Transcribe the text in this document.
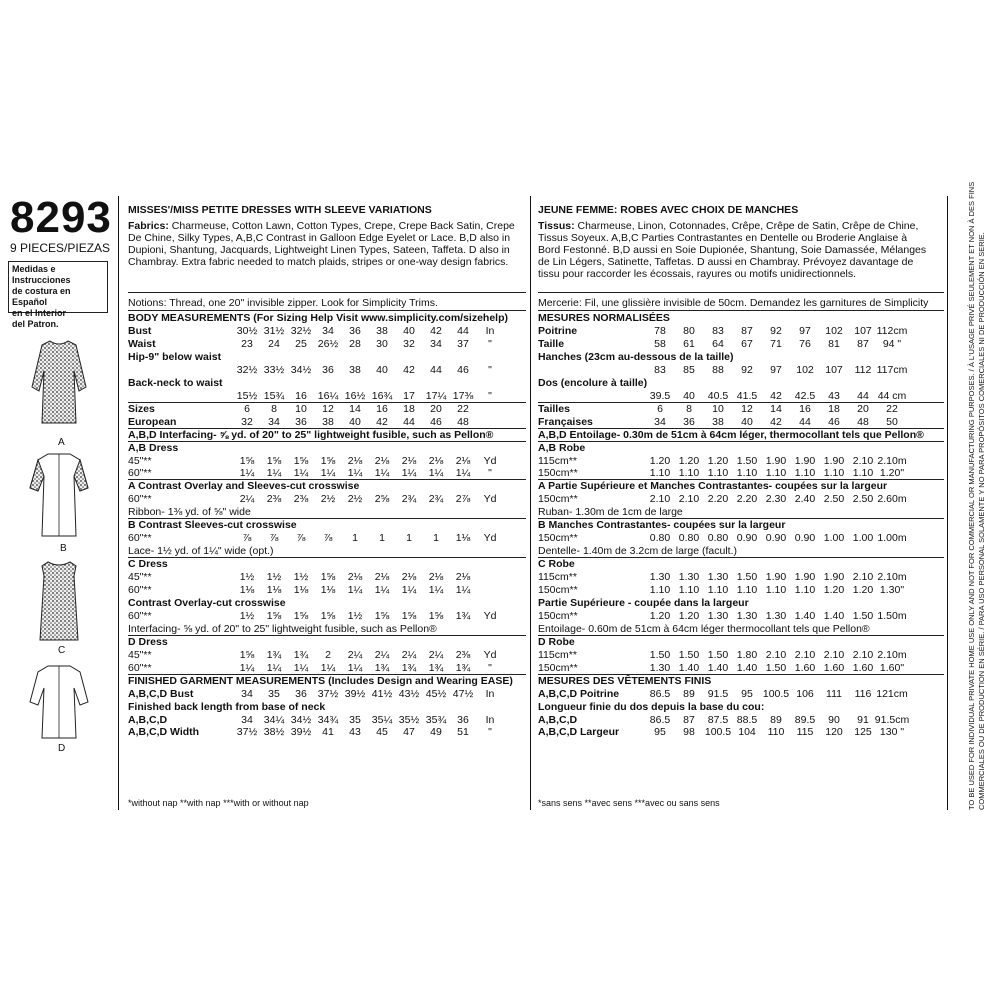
8293
9 PIECES/PIEZAS
Medidas e Instrucciones
de costura en Español
en el Interior
del Patron.
A
B
C
D
MISSES'/MISS PETITE DRESSES WITH SLEEVE VARIATIONS
Fabrics: Charmeuse, Cotton Lawn, Cotton Types, Crepe, Crepe Back Satin, Crepe
De Chine, Silky Types, A,B,C Contrast in Galloon Edge Eyelet or Lace. B,D also in
Dupioni, Shantung, Jacquards, Lightweight Linen Types, Sateen, Taffeta. D also in
Chambray. Extra fabric needed to match plaids, stripes or one-way design fabrics.
Notions: Thread, one 20" invisible zipper. Look for Simplicity Trims.
BODY MEASUREMENTS (For Sizing Help Visit www.simplicity.com/sizehelp)
Bust	30½ 31½ 32½	34	36	38	40	42	44	In
Waist	23	24	25	26½	28	30	32	34	37	"
Hip-9" below waist
32½ 33½ 34½	36	38	40	42	44	46	"
Back-neck to waist
15½ 15¾	16	16¼ 16½ 16¾	17	17¼ 17⅜	"
Sizes	6	8	10	12	14	16	18	20	22
European	32	34	36	38	40	42	44	46	48
A,B,D Interfacing- ⅝ yd. of 20" to 25" lightweight fusible, such as Pellon®
A,B Dress
45"**	1⅝	1⅝	1⅝	1⅝	2⅛	2⅛	2⅛	2⅛	2⅛	Yd
60"**	1¼	1¼	1¼	1¼	1¼	1¼	1¼	1¼	1¼	"
A Contrast Overlay and Sleeves-cut crosswise
60"**	2¼	2⅜	2⅜	2½	2½	2⅝	2¾	2¾	2⅞	Yd
Ribbon- 1⅜ yd. of ⅝" wide
B Contrast Sleeves-cut crosswise
60"**	⅞	⅞	⅞	⅞	1	1	1	1	1⅛	Yd
Lace- 1½ yd. of 1¼" wide (opt.)
C Dress
45"**	1½	1½	1½	1⅝	2⅛	2⅛	2⅛	2⅛	2⅛
60"**	1⅛	1⅛	1⅛	1⅛	1¼	1¼	1¼	1¼	1¼
Contrast Overlay-cut crosswise
60"**	1½	1⅝	1⅝	1⅝	1½	1⅝	1⅝	1⅝	1¾	Yd
Interfacing- ⅝ yd. of 20" to 25" lightweight fusible, such as Pellon®
D Dress
45"**	1⅝	1¾	1¾	2	2¼	2¼	2¼	2¼	2⅜	Yd
60"**	1¼	1¼	1¼	1¼	1¼	1¾	1¾	1¾	1¾	"
FINISHED GARMENT MEASUREMENTS (Includes Design and Wearing EASE)
A,B,C,D Bust	34	35	36	37½ 39½ 41½ 43½ 45½ 47½	In
Finished back length from base of neck
A,B,C,D	34	34¼ 34½ 34¾	35	35¼ 35½ 35¾	36	In
A,B,C,D Width	37½ 38½ 39½	41	43	45	47	49	51	"
*without nap **with nap ***with or without nap
JEUNE FEMME: ROBES AVEC CHOIX DE MANCHES
Tissus: Charmeuse, Linon, Cotonnades, Crêpe, Crêpe de Satin, Crêpe de Chine,
Tissus Soyeux. A,B,C Parties Contrastantes en Dentelle ou Broderie Anglaise à
Bord Festonné. B,D aussi en Soie Dupionée, Shantung, Soie Damassée, Mélanges
de Lin Légers, Satinette, Taffetas. D aussi en Chambray. Prévoyez davantage de
tissu pour raccorder les écossais, rayures ou motifs unidirectionnels.
Mercerie: Fil, une glissière invisible de 50cm. Demandez les garnitures de Simplicity
MESURES NORMALISÉES
Poitrine	78	80	83	87	92	97	102	107 112cm
Taille	58	61	64	67	71	76	81	87	94 "
Hanches (23cm au-dessous de la taille)
83	85	88	92	97	102	107	112 117cm
Dos (encolure à taille)
39.5	40	40.5 41.5	42	42.5	43	44 44 cm
Tailles	6	8	10	12	14	16	18	20	22
Françaises	34	36	38	40	42	44	46	48	50
A,B,D Entoilage- 0.30m de 51cm à 64cm léger, thermocollant tels que Pellon®
A,B Robe
115cm**	1.20 1.20 1.20 1.50 1.90 1.90 1.90 2.10 2.10m
150cm**	1.10 1.10 1.10 1.10 1.10 1.10 1.10 1.10 1.20"
A Partie Supérieure et Manches Contrastantes- coupées sur la largeur
150cm**	2.10 2.10 2.20 2.20 2.30 2.40 2.50 2.50 2.60m
Ruban- 1.30m de 1cm de large
B Manches Contrastantes- coupées sur la largeur
150cm**	0.80 0.80 0.80 0.90 0.90 0.90 1.00 1.00 1.00m
Dentelle- 1.40m de 3.2cm de large (facult.)
C Robe
115cm**	1.30 1.30 1.30 1.50 1.90 1.90 1.90 2.10 2.10m
150cm**	1.10 1.10 1.10 1.10 1.10 1.10 1.20 1.20 1.30"
Partie Supérieure - coupée dans la largeur
150cm**	1.20 1.20 1.30 1.30 1.30 1.40 1.40 1.50 1.50m
Entoilage- 0.60m de 51cm à 64cm léger thermocollant tels que Pellon®
D Robe
115cm**	1.50 1.50 1.50 1.80 2.10 2.10 2.10 2.10 2.10m
150cm**	1.30 1.40 1.40 1.40 1.50 1.60 1.60 1.60 1.60"
MESURES DES VÊTEMENTS FINIS
A,B,C,D Poitrine	86.5	89	91.5	95 100.5 106	111	116 121cm
Longueur finie du dos depuis la base du cou:
A,B,C,D	86.5	87	87.5 88.5	89	89.5	90	91 91.5cm
A,B,C,D Largeur	95	98 100.5 104	110	115	120	125 130 "
*sans sens **avec sens ***avec ou sans sens	TO BE USED FOR INDIVIDUAL PRIVATE HOME USE ONLY AND NOT FOR COMMERCIAL OR MANUFACTURING PURPOSES. / À L'USAGE PRIVÉ SEULEMENT ET NON À DES FINS
COMMERCIALES OU DE PRODUCTION EN SÉRIE. / PARA USO PERSONAL SOLAMENTE Y NO PARA PROPÓSITOS COMERCIALES NI DE PRODUCCIÓN EN SERIE.
